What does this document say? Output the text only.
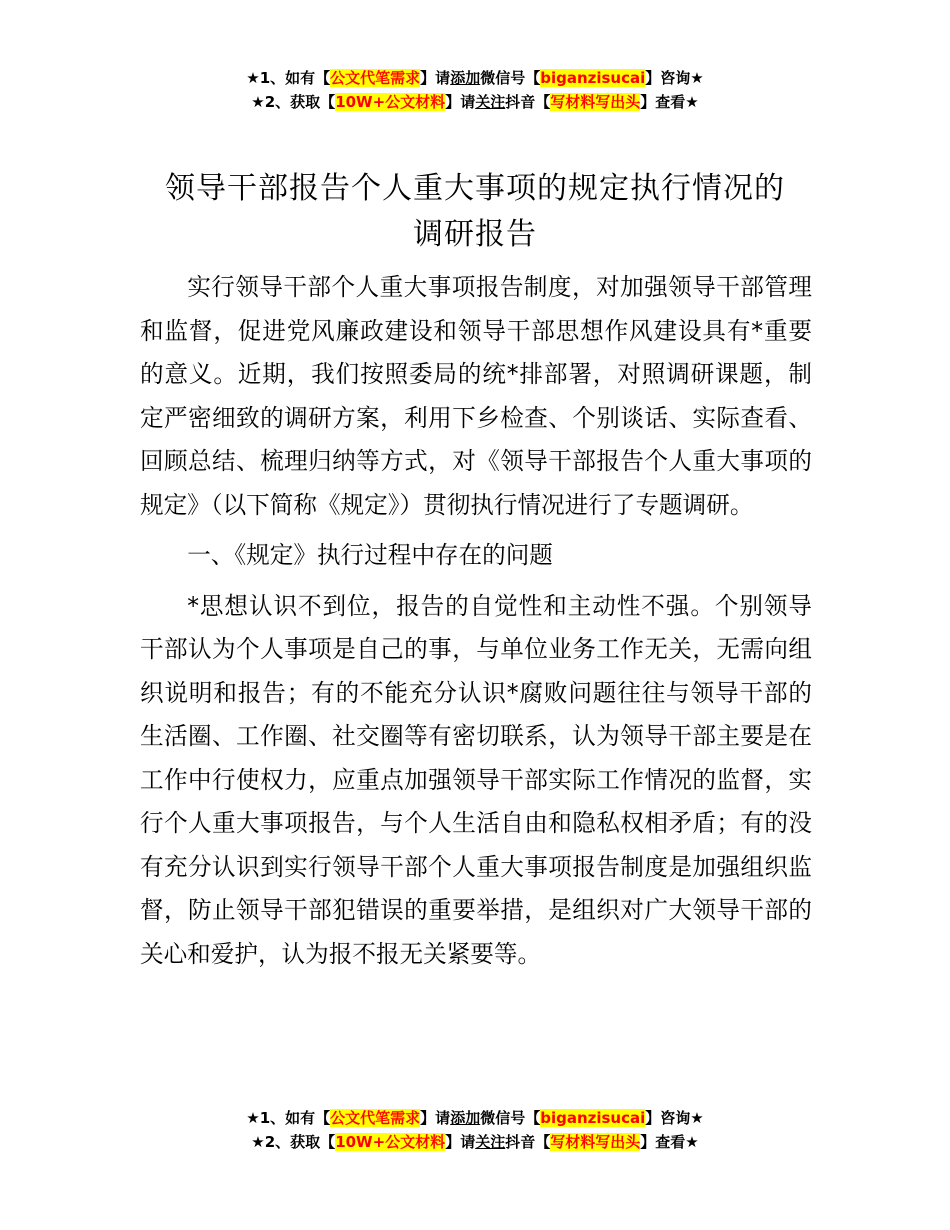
★1、如有【公文代笔需求】请添加微信号【biganzisucai】咨询★
★2、获取【10W+公文材料】请关注抖音【写材料写出头】查看★
领导干部报告个人重大事项的规定执行情况的
调研报告

实行领导干部个人重大事项报告制度，对加强领导干部管理和监督，促进党风廉政建设和领导干部思想作风建设具有*重要的意义。近期，我们按照委局的统*排部署，对照调研课题，制定严密细致的调研方案，利用下乡检查、个别谈话、实际查看、回顾总结、梳理归纳等方式，对《领导干部报告个人重大事项的规定》（以下简称《规定》）贯彻执行情况进行了专题调研。

一、《规定》执行过程中存在的问题

*思想认识不到位，报告的自觉性和主动性不强。个别领导干部认为个人事项是自己的事，与单位业务工作无关，无需向组织说明和报告；有的不能充分认识*腐败问题往往与领导干部的生活圈、工作圈、社交圈等有密切联系，认为领导干部主要是在工作中行使权力，应重点加强领导干部实际工作情况的监督，实行个人重大事项报告，与个人生活自由和隐私权相矛盾；有的没有充分认识到实行领导干部个人重大事项报告制度是加强组织监督，防止领导干部犯错误的重要举措，是组织对广大领导干部的关心和爱护，认为报不报无关紧要等。

★1、如有【公文代笔需求】请添加微信号【biganzisucai】咨询★
★2、获取【10W+公文材料】请关注抖音【写材料写出头】查看★
